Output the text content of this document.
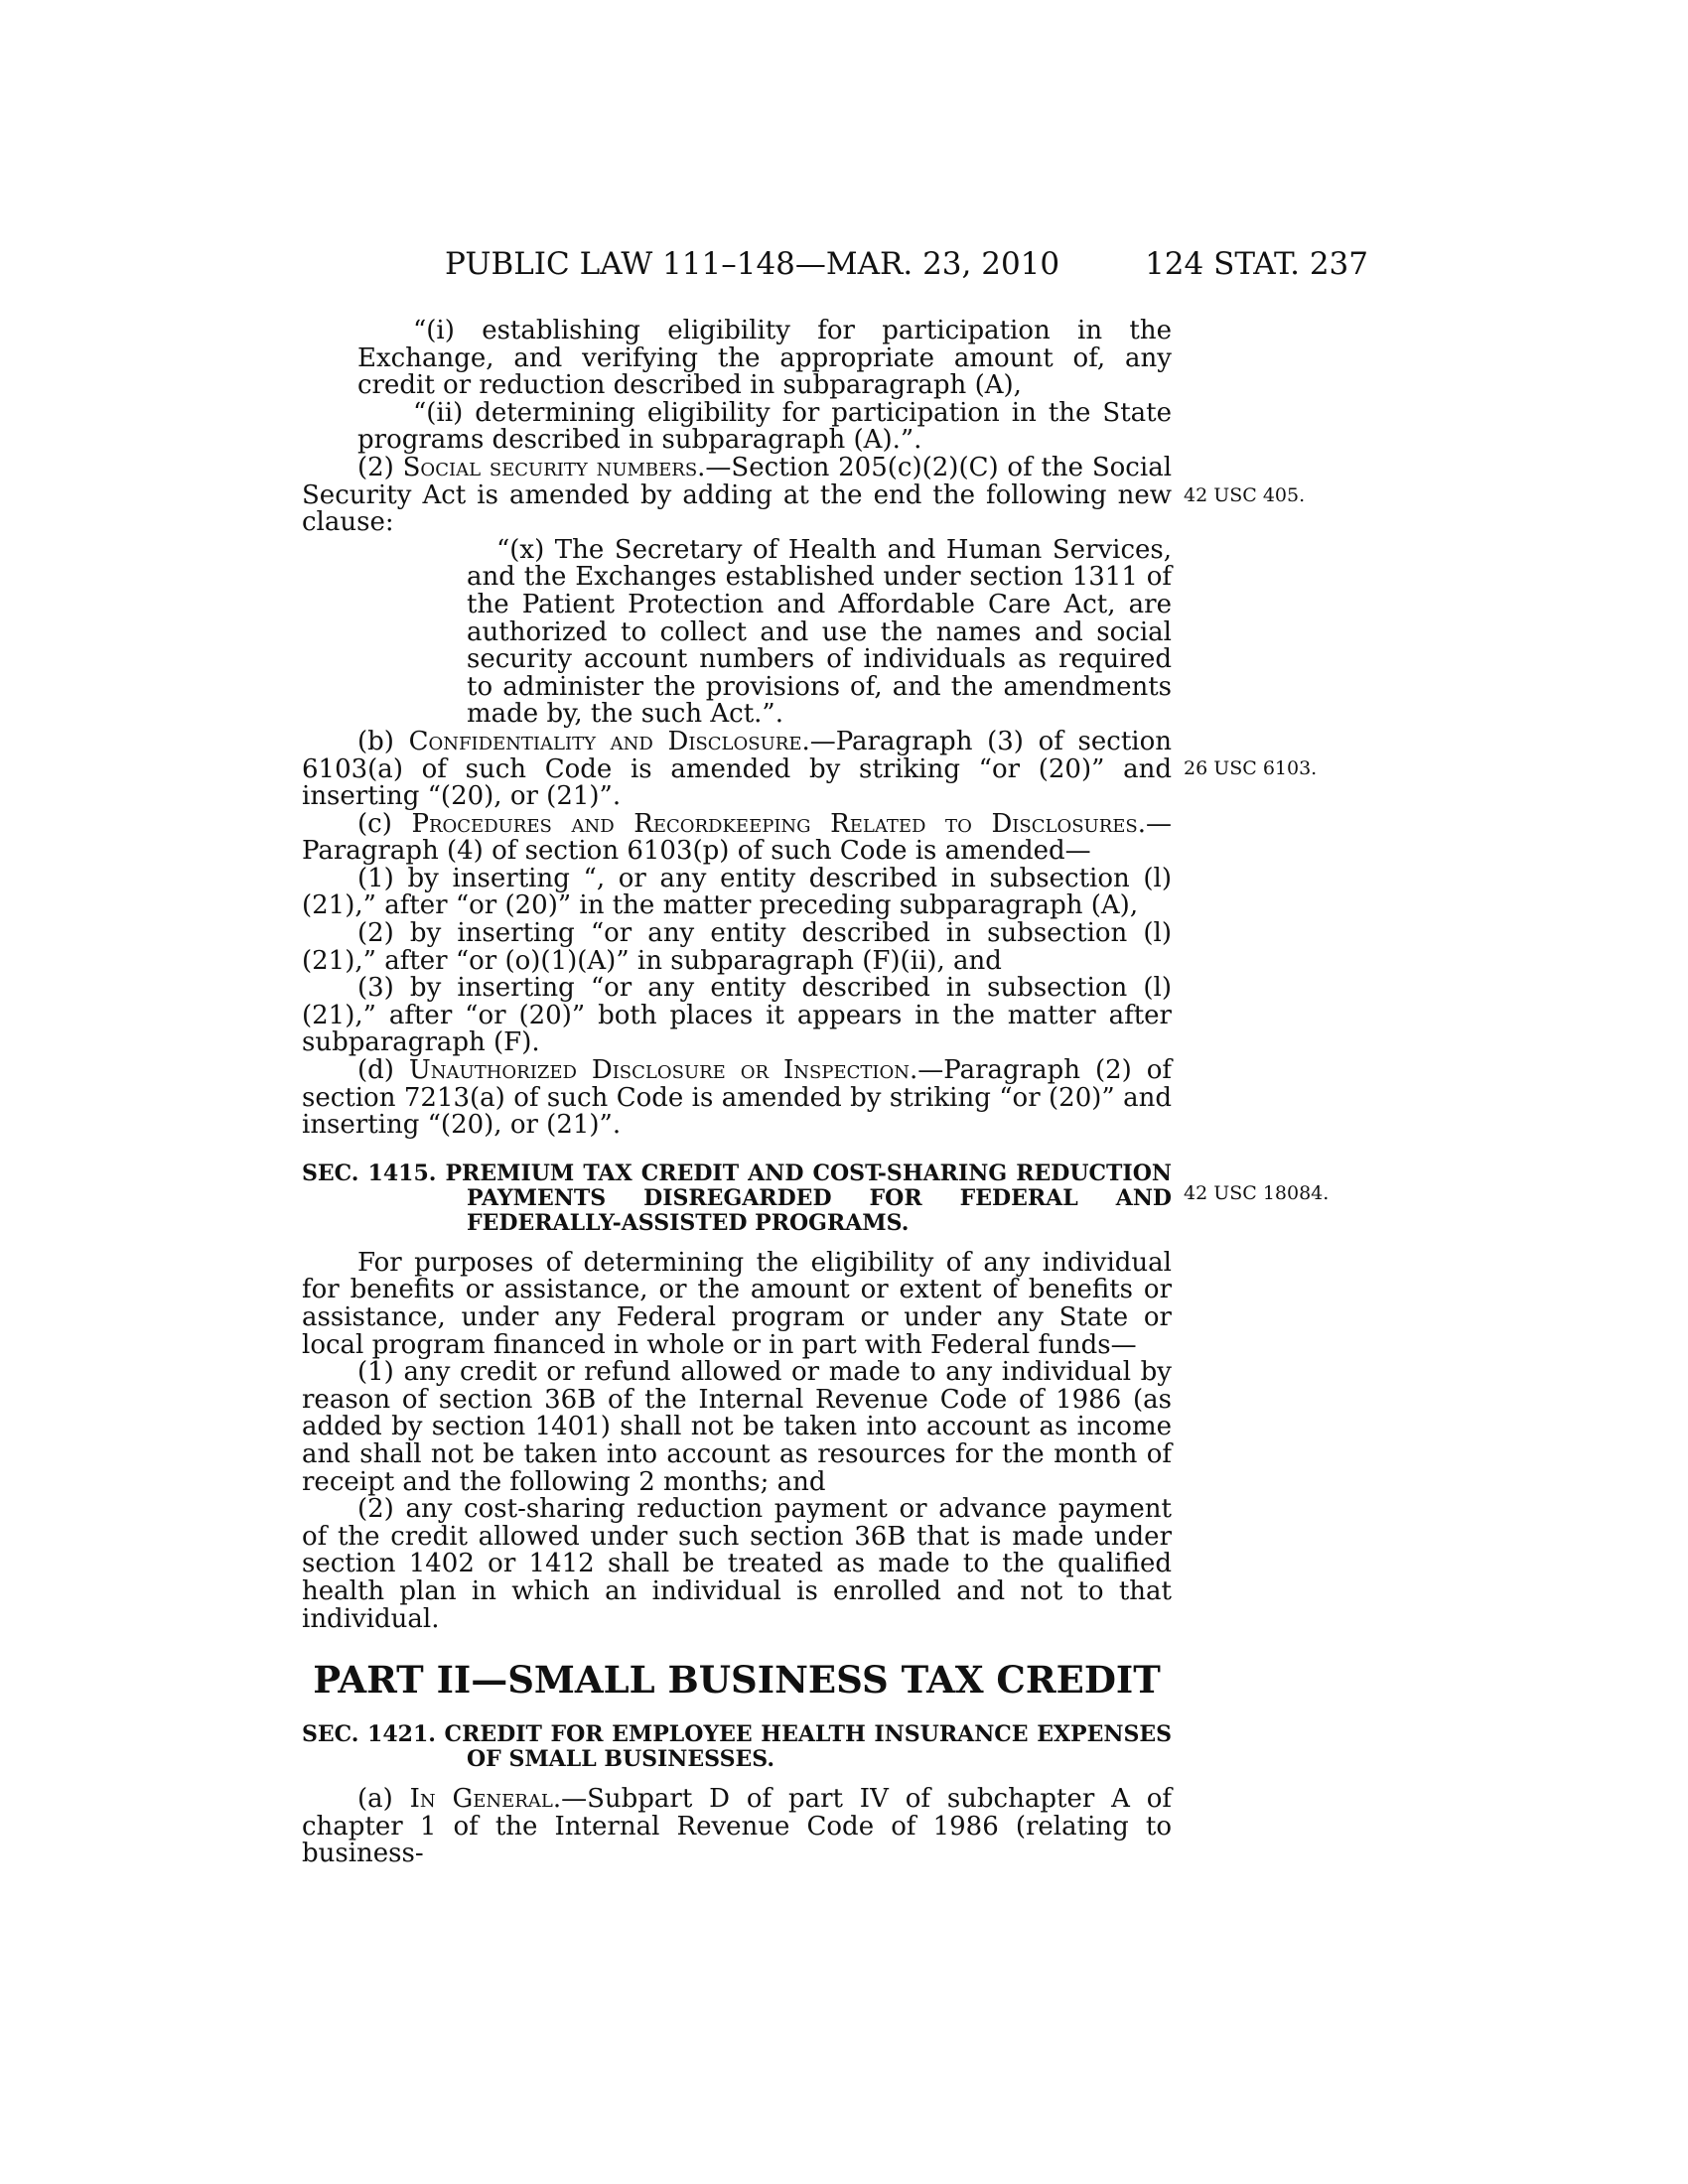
PUBLIC LAW 111–148—MAR. 23, 2010	124 STAT. 237
42 USC 405.
26 USC 6103.
42 USC 18084.

“(i) establishing eligibility for participation in the Exchange, and verifying the appropriate amount of, any credit or reduction described in subparagraph (A),

“(ii) determining eligibility for participation in the State programs described in subparagraph (A).”.

(2) Social security numbers.—Section 205(c)(2)(C) of the Social Security Act is amended by adding at the end the following new clause:

“(x) The Secretary of Health and Human Services, and the Exchanges established under section 1311 of the Patient Protection and Affordable Care Act, are authorized to collect and use the names and social security account numbers of individuals as required to administer the provisions of, and the amendments made by, the such Act.”.

(b) Confidentiality and Disclosure.—Paragraph (3) of section 6103(a) of such Code is amended by striking “or (20)” and inserting “(20), or (21)”.

(c) Procedures and Recordkeeping Related to Disclosures.—Paragraph (4) of section 6103(p) of such Code is amended—

(1) by inserting “, or any entity described in subsection (l)(21),” after “or (20)” in the matter preceding subparagraph (A),

(2) by inserting “or any entity described in subsection (l)(21),” after “or (o)(1)(A)” in subparagraph (F)(ii), and

(3) by inserting “or any entity described in subsection (l)(21),” after “or (20)” both places it appears in the matter after subparagraph (F).

(d) Unauthorized Disclosure or Inspection.—Paragraph (2) of section 7213(a) of such Code is amended by striking “or (20)” and inserting “(20), or (21)”.

SEC. 1415. PREMIUM TAX CREDIT AND COST-SHARING REDUCTION PAYMENTS DISREGARDED FOR FEDERAL AND FEDERALLY-ASSISTED PROGRAMS.

For purposes of determining the eligibility of any individual for benefits or assistance, or the amount or extent of benefits or assistance, under any Federal program or under any State or local program financed in whole or in part with Federal funds—

(1) any credit or refund allowed or made to any individual by reason of section 36B of the Internal Revenue Code of 1986 (as added by section 1401) shall not be taken into account as income and shall not be taken into account as resources for the month of receipt and the following 2 months; and

(2) any cost-sharing reduction payment or advance payment of the credit allowed under such section 36B that is made under section 1402 or 1412 shall be treated as made to the qualified health plan in which an individual is enrolled and not to that individual.

PART II—SMALL BUSINESS TAX CREDIT

SEC. 1421. CREDIT FOR EMPLOYEE HEALTH INSURANCE EXPENSES OF SMALL BUSINESSES.

(a) In General.—Subpart D of part IV of subchapter A of chapter 1 of the Internal Revenue Code of 1986 (relating to business-
